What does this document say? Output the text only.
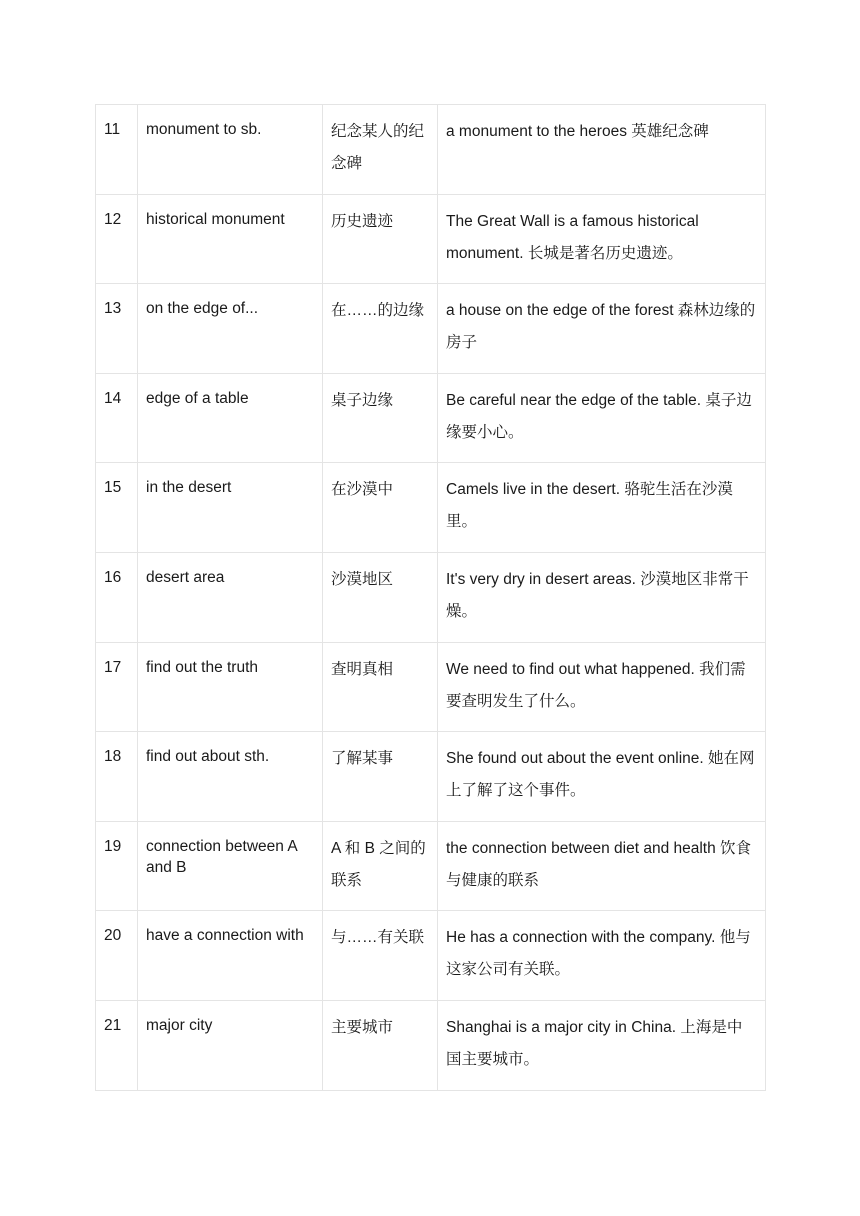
11	monument to sb.	纪念某人的纪念碑	a monument to the heroes 英雄纪念碑

12	historical monument	历史遗迹	The Great Wall is a famous historical monument. 长城是著名历史遗迹。

13	on the edge of...	在……的边缘	a house on the edge of the forest 森林边缘的房子

14	edge of a table	桌子边缘	Be careful near the edge of the table. 桌子边缘要小心。

15	in the desert	在沙漠中	Camels live in the desert. 骆驼生活在沙漠里。

16	desert area	沙漠地区	It's very dry in desert areas. 沙漠地区非常干燥。

17	find out the truth	查明真相	We need to find out what happened. 我们需要查明发生了什么。

18	find out about sth.	了解某事	She found out about the event online. 她在网上了解了这个事件。

19	connection between A and B	A 和 B 之间的联系	the connection between diet and health 饮食与健康的联系

20	have a connection with	与……有关联	He has a connection with the company. 他与这家公司有关联。

21	major city	主要城市	Shanghai is a major city in China. 上海是中国主要城市。
